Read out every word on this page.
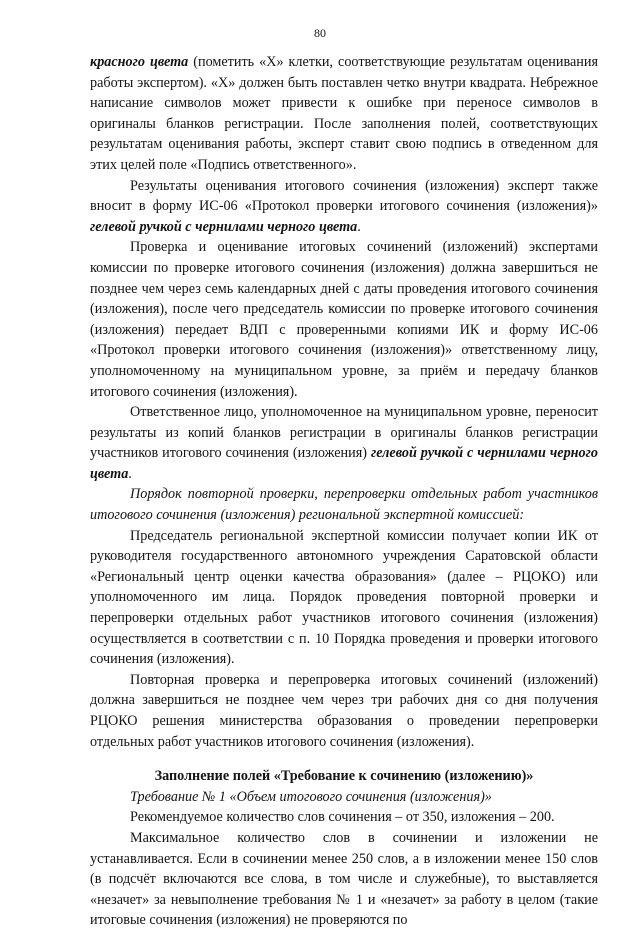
80

красного цвета (пометить «Х» клетки, соответствующие результатам оценивания работы экспертом). «Х» должен быть поставлен четко внутри квадрата. Небрежное написание символов может привести к ошибке при переносе символов в оригиналы бланков регистрации. После заполнения полей, соответствующих результатам оценивания работы, эксперт ставит свою подпись в отведенном для этих целей поле «Подпись ответственного».

Результаты оценивания итогового сочинения (изложения) эксперт также вносит в форму ИС-06 «Протокол проверки итогового сочинения (изложения)» гелевой ручкой с чернилами черного цвета.

Проверка и оценивание итоговых сочинений (изложений) экспертами комиссии по проверке итогового сочинения (изложения) должна завершиться не позднее чем через семь календарных дней с даты проведения итогового сочинения (изложения), после чего председатель комиссии по проверке итогового сочинения (изложения) передает ВДП с проверенными копиями ИК и форму ИС-06 «Протокол проверки итогового сочинения (изложения)» ответственному лицу, уполномоченному на муниципальном уровне, за приём и передачу бланков итогового сочинения (изложения).

Ответственное лицо, уполномоченное на муниципальном уровне, переносит результаты из копий бланков регистрации в оригиналы бланков регистрации участников итогового сочинения (изложения) гелевой ручкой с чернилами черного цвета.

Порядок повторной проверки, перепроверки отдельных работ участников итогового сочинения (изложения) региональной экспертной комиссией:

Председатель региональной экспертной комиссии получает копии ИК от руководителя государственного автономного учреждения Саратовской области «Региональный центр оценки качества образования» (далее – РЦОКО) или уполномоченного им лица. Порядок проведения повторной проверки и перепроверки отдельных работ участников итогового сочинения (изложения) осуществляется в соответствии с п. 10 Порядка проведения и проверки итогового сочинения (изложения).

Повторная проверка и перепроверка итоговых сочинений (изложений) должна завершиться не позднее чем через три рабочих дня со дня получения РЦОКО решения министерства образования о проведении перепроверки отдельных работ участников итогового сочинения (изложения).

Заполнение полей «Требование к сочинению (изложению)»

Требование № 1 «Объем итогового сочинения (изложения)»

Рекомендуемое количество слов сочинения – от 350, изложения – 200.

Максимальное количество слов в сочинении и изложении не устанавливается. Если в сочинении менее 250 слов, а в изложении менее 150 слов (в подсчёт включаются все слова, в том числе и служебные), то выставляется «незачет» за невыполнение требования № 1 и «незачет» за работу в целом (такие итоговые сочинения (изложения) не проверяются по
